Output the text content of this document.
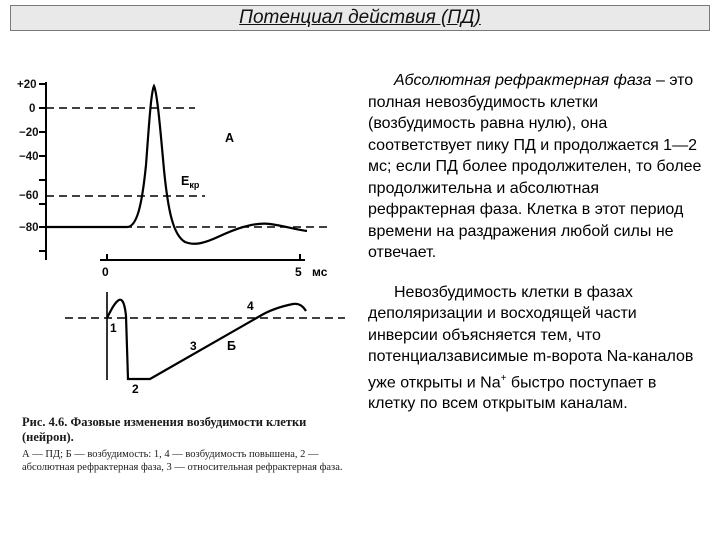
Потенциал действия (ПД)
+20
0
−20
−40
−60
−80
А
$Е_{кр}$
0	5 мс
1
2
3
4
Б
Рис. 4.6. Фазовые изменения возбудимости клетки (нейрон).
А — ПД; Б — возбудимость: 1, 4 — возбудимость повышена, 2 — абсолютная рефрактерная фаза, 3 — относительная рефрактерная фаза.

Абсолютная рефрактерная фаза – это полная невозбудимость клетки (возбудимость равна нулю), она соответствует пику ПД и продолжается 1—2 мс; если ПД более продолжителен, то более продолжительна и абсолютная рефрактерная фаза. Клетка в этот период времени на раздражения любой силы не отвечает.

Невозбудимость клетки в фазах деполяризации и восходящей части инверсии объясняется тем, что потенциалзависимые m-ворота Na-каналов уже открыты и Na+ быстро поступает в клетку по всем открытым каналам.
